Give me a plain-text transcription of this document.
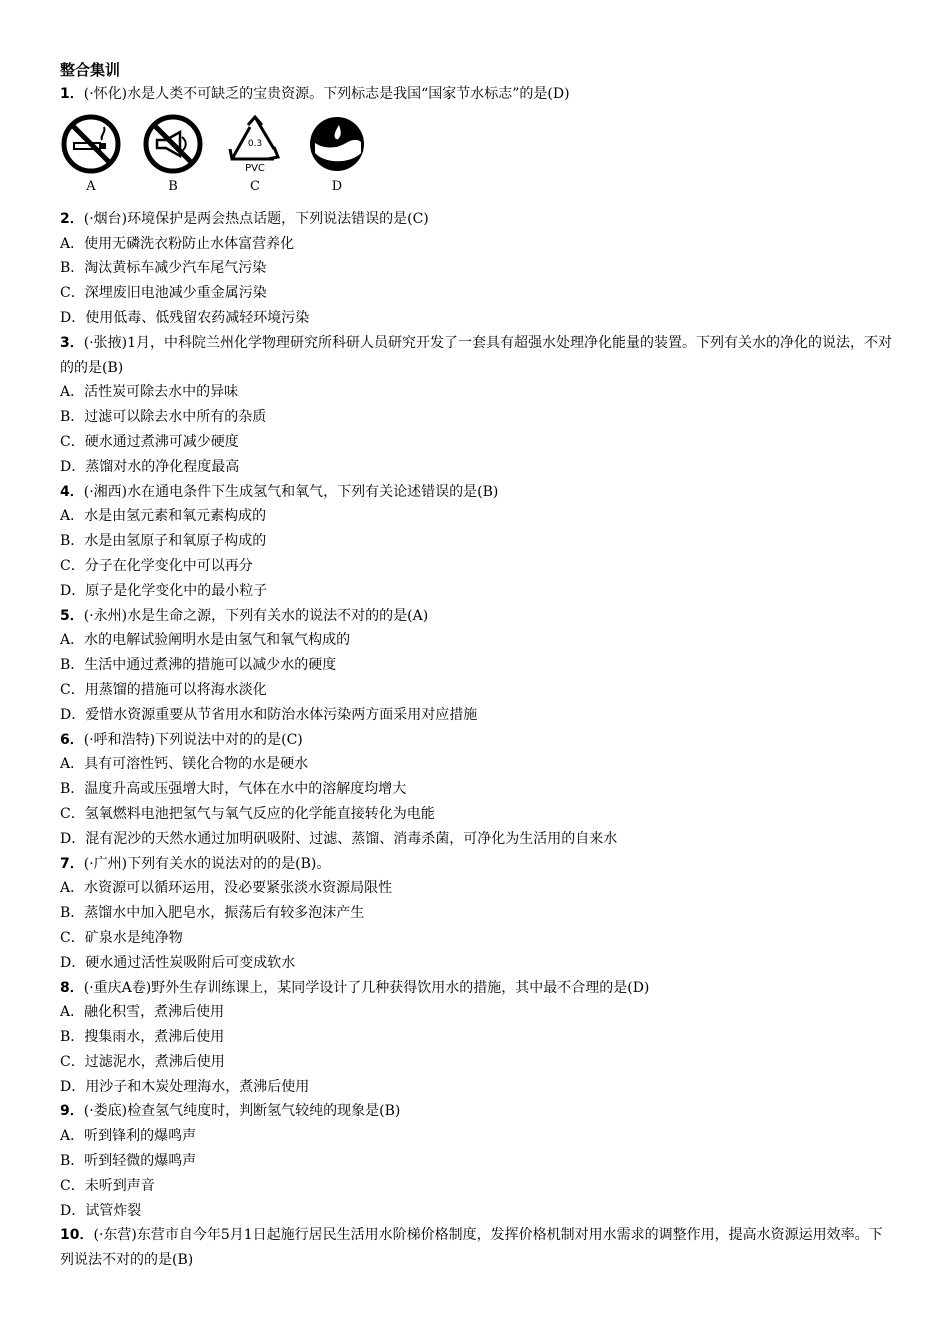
整合集训
1．(·怀化)水是人类不可缺乏的宝贵资源。下列标志是我国“国家节水标志”的是(D)
A	B
0.3
PVC
C	D
2．(·烟台)环境保护是两会热点话题，下列说法错误的是(C)
A．使用无磷洗衣粉防止水体富营养化
B．淘汰黄标车减少汽车尾气污染
C．深埋废旧电池减少重金属污染
D．使用低毒、低残留农药减轻环境污染
3．(·张掖)1月，中科院兰州化学物理研究所科研人员研究开发了一套具有超强水处理净化能量的装置。下列有关水的净化的说法，不对的的是(B)
A．活性炭可除去水中的异味
B．过滤可以除去水中所有的杂质
C．硬水通过煮沸可减少硬度
D．蒸馏对水的净化程度最高
4．(·湘西)水在通电条件下生成氢气和氧气，下列有关论述错误的是(B)
A．水是由氢元素和氧元素构成的
B．水是由氢原子和氧原子构成的
C．分子在化学变化中可以再分
D．原子是化学变化中的最小粒子
5．(·永州)水是生命之源，下列有关水的说法不对的的是(A)
A．水的电解试验阐明水是由氢气和氧气构成的
B．生活中通过煮沸的措施可以减少水的硬度
C．用蒸馏的措施可以将海水淡化
D．爱惜水资源重要从节省用水和防治水体污染两方面采用对应措施
6．(·呼和浩特)下列说法中对的的是(C)
A．具有可溶性钙、镁化合物的水是硬水
B．温度升高或压强增大时，气体在水中的溶解度均增大
C．氢氧燃料电池把氢气与氧气反应的化学能直接转化为电能
D．混有泥沙的天然水通过加明矾吸附、过滤、蒸馏、消毒杀菌，可净化为生活用的自来水
7．(·广州)下列有关水的说法对的的是(B)。
A．水资源可以循环运用，没必要紧张淡水资源局限性
B．蒸馏水中加入肥皂水，振荡后有较多泡沫产生
C．矿泉水是纯净物
D．硬水通过活性炭吸附后可变成软水
8．(·重庆A卷)野外生存训练课上，某同学设计了几种获得饮用水的措施，其中最不合理的是(D)
A．融化积雪，煮沸后使用
B．搜集雨水，煮沸后使用
C．过滤泥水，煮沸后使用
D．用沙子和木炭处理海水，煮沸后使用
9．(·娄底)检查氢气纯度时，判断氢气较纯的现象是(B)
A．听到锋利的爆鸣声
B．听到轻微的爆鸣声
C．未听到声音
D．试管炸裂
10．(·东营)东营市自今年5月1日起施行居民生活用水阶梯价格制度，发挥价格机制对用水需求的调整作用，提高水资源运用效率。下列说法不对的的是(B)
